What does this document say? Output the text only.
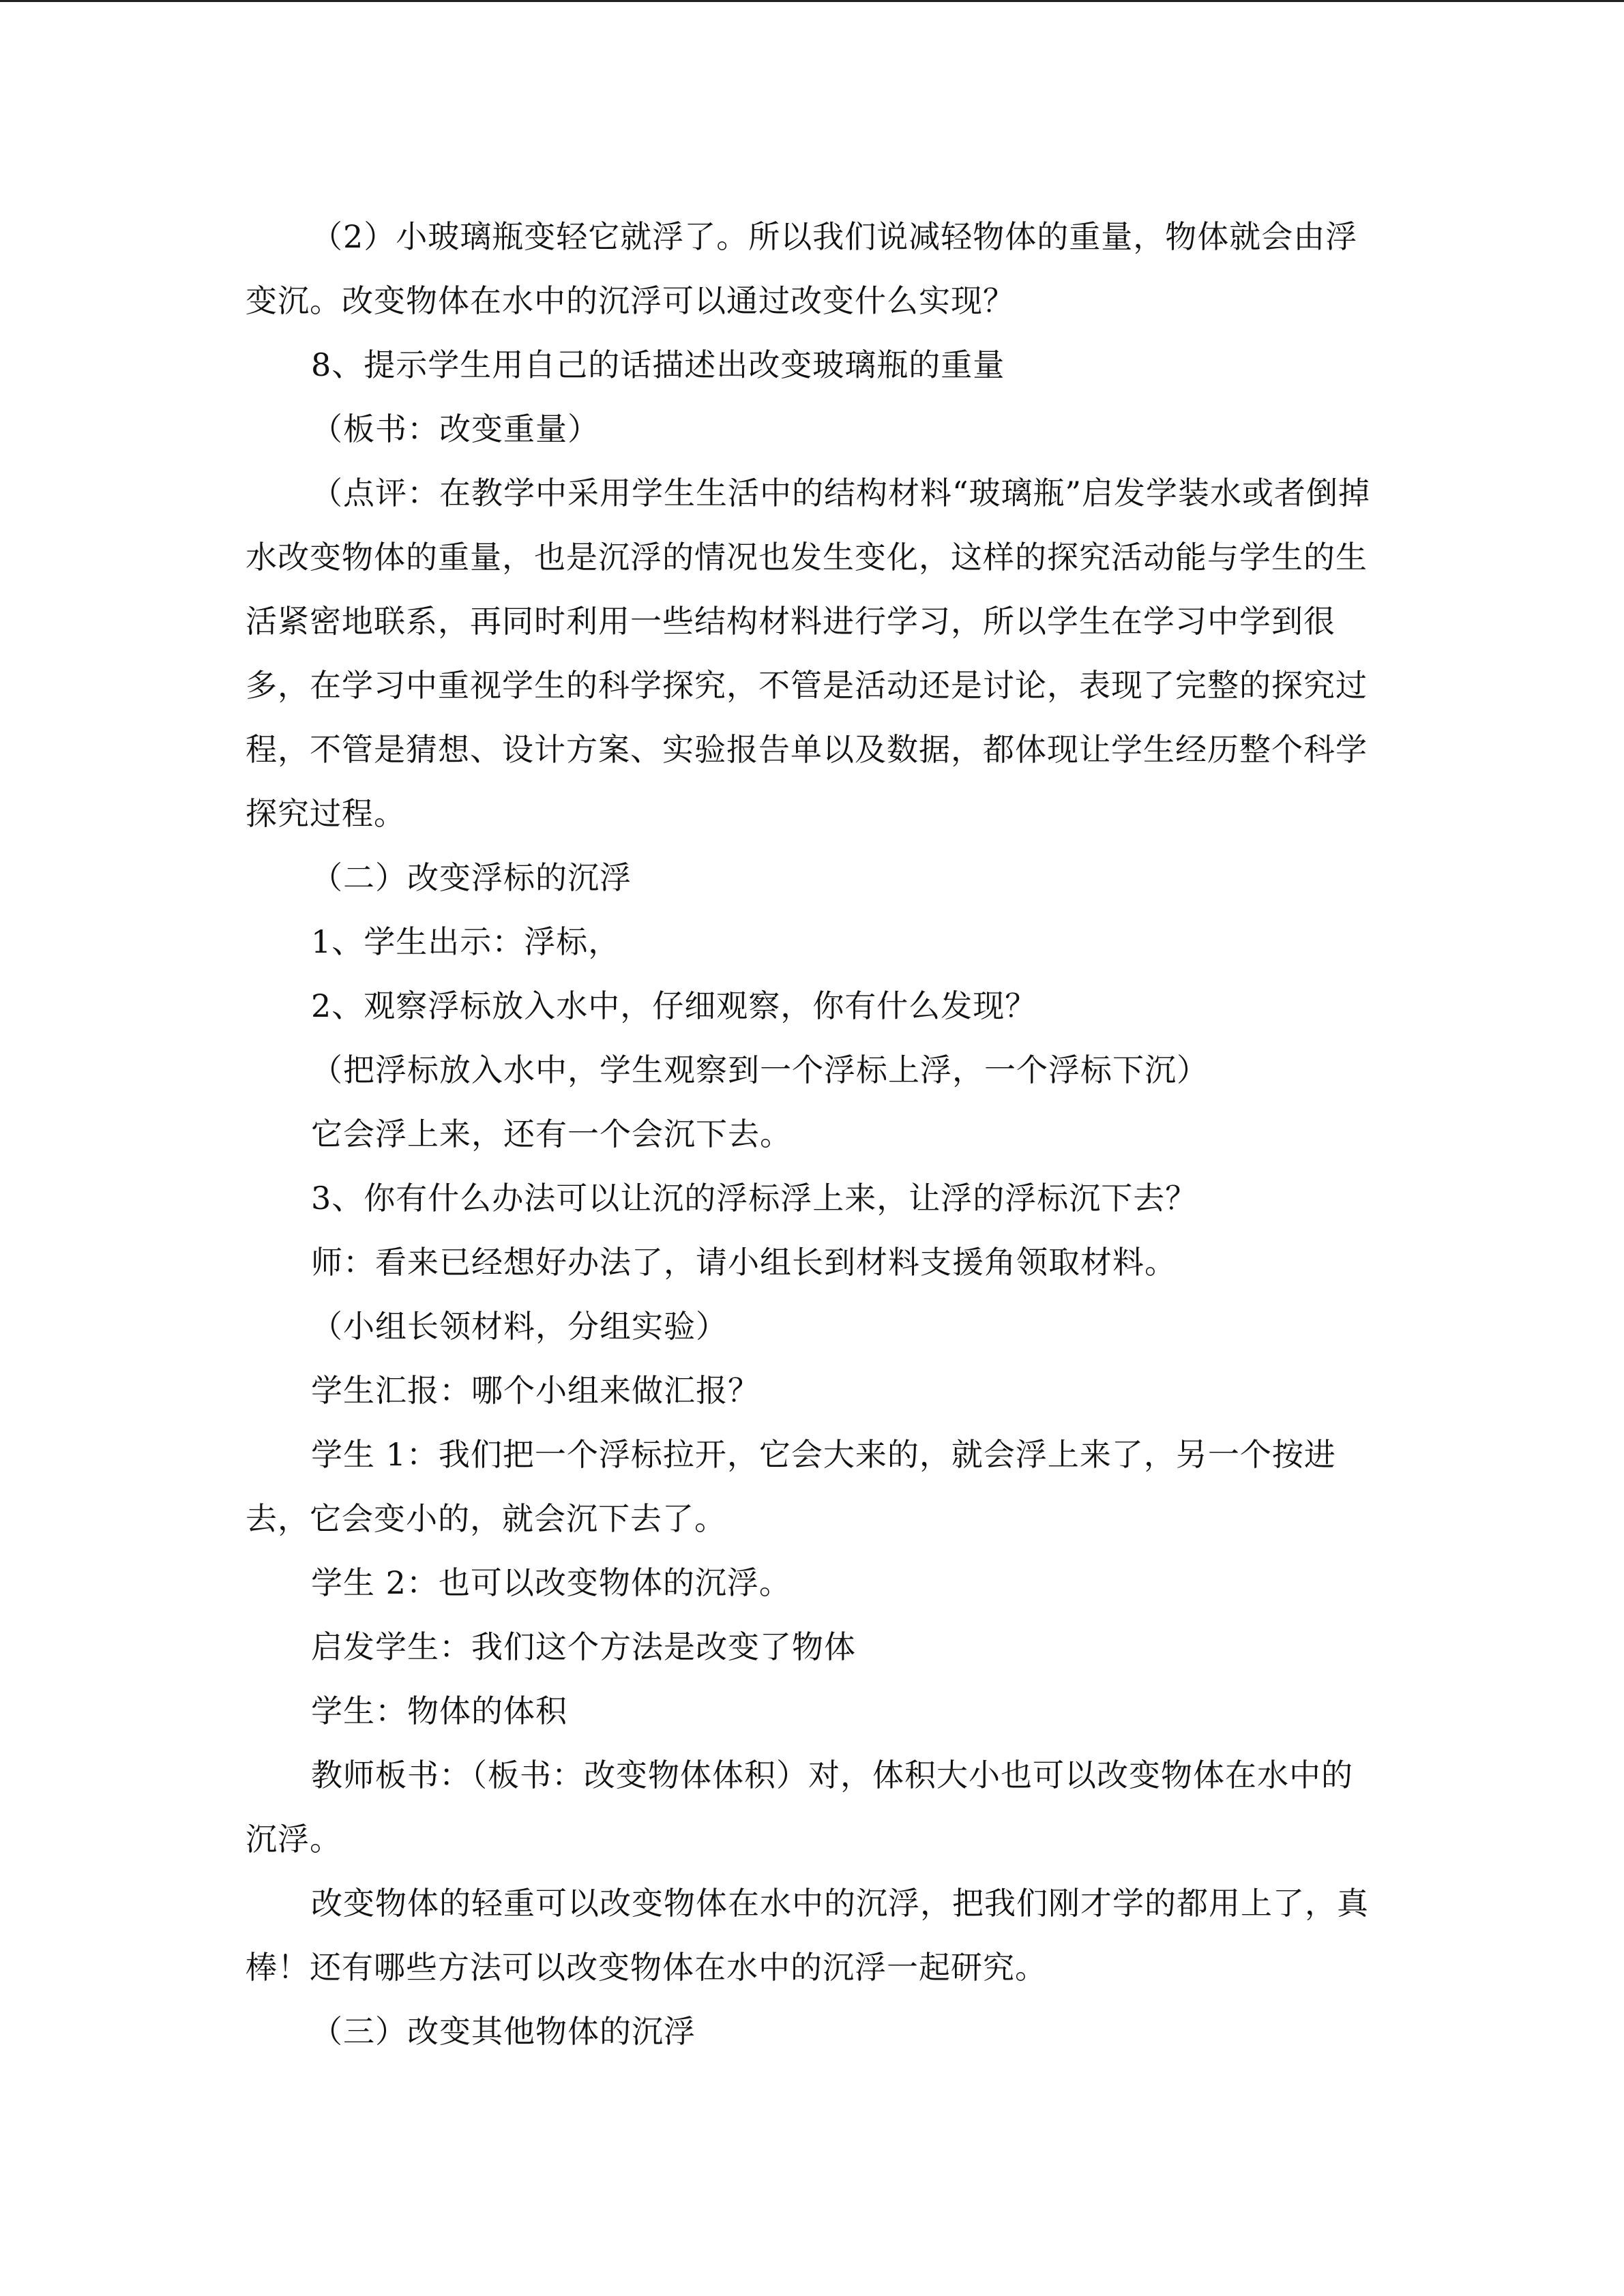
（2）小玻璃瓶变轻它就浮了。所以我们说减轻物体的重量，物体就会由浮变沉。改变物体在水中的沉浮可以通过改变什么实现？

8、提示学生用自己的话描述出改变玻璃瓶的重量

（板书：改变重量）

（点评：在教学中采用学生生活中的结构材料“玻璃瓶”启发学装水或者倒掉水改变物体的重量，也是沉浮的情况也发生变化，这样的探究活动能与学生的生活紧密地联系，再同时利用一些结构材料进行学习，所以学生在学习中学到很多，在学习中重视学生的科学探究，不管是活动还是讨论，表现了完整的探究过程，不管是猜想、设计方案、实验报告单以及数据，都体现让学生经历整个科学探究过程。

（二）改变浮标的沉浮

1、学生出示：浮标，

2、观察浮标放入水中，仔细观察，你有什么发现？

（把浮标放入水中，学生观察到一个浮标上浮，一个浮标下沉）

它会浮上来，还有一个会沉下去。

3、你有什么办法可以让沉的浮标浮上来，让浮的浮标沉下去？

师：看来已经想好办法了，请小组长到材料支援角领取材料。

（小组长领材料，分组实验）

学生汇报：哪个小组来做汇报？

学生 1：我们把一个浮标拉开，它会大来的，就会浮上来了，另一个按进去，它会变小的，就会沉下去了。

学生 2：也可以改变物体的沉浮。

启发学生：我们这个方法是改变了物体

学生：物体的体积

教师板书：（板书：改变物体体积）对，体积大小也可以改变物体在水中的沉浮。

改变物体的轻重可以改变物体在水中的沉浮，把我们刚才学的都用上了，真棒！还有哪些方法可以改变物体在水中的沉浮一起研究。

（三）改变其他物体的沉浮
